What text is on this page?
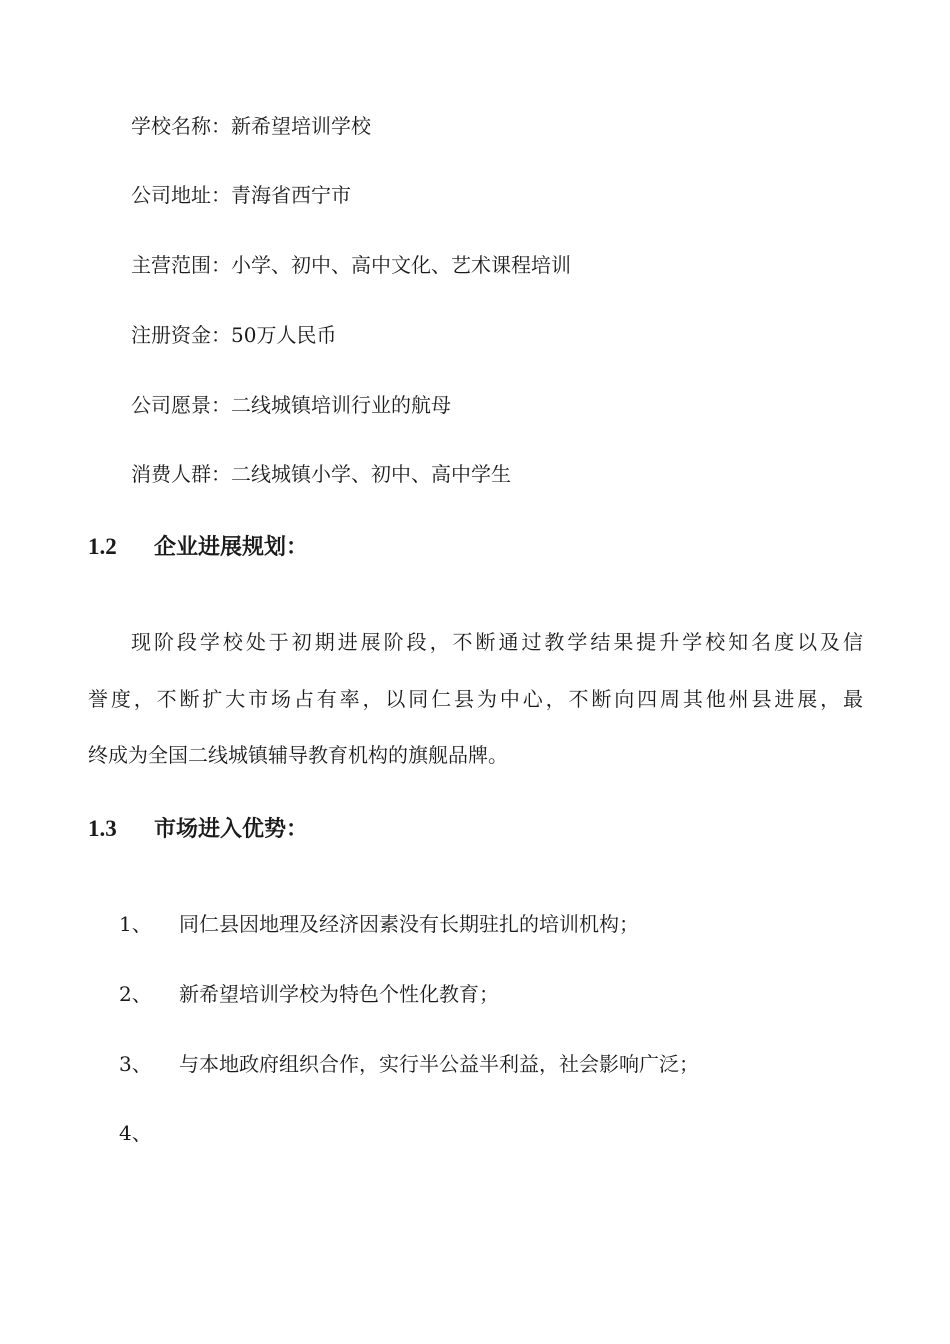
学校名称：新希望培训学校
公司地址：青海省西宁市
主营范围：小学、初中、高中文化、艺术课程培训
注册资金：50万人民币
公司愿景：二线城镇培训行业的航母
消费人群：二线城镇小学、初中、高中学生
1.2 企业进展规划：
现阶段学校处于初期进展阶段，不断通过教学结果提升学校知名度以及信
誉度，不断扩大市场占有率，以同仁县为中心，不断向四周其他州县进展，最
终成为全国二线城镇辅导教育机构的旗舰品牌。
1.3 市场进入优势：
1、 同仁县因地理及经济因素没有长期驻扎的培训机构；
2、 新希望培训学校为特色个性化教育；
3、 与本地政府组织合作，实行半公益半利益，社会影响广泛；
4、
